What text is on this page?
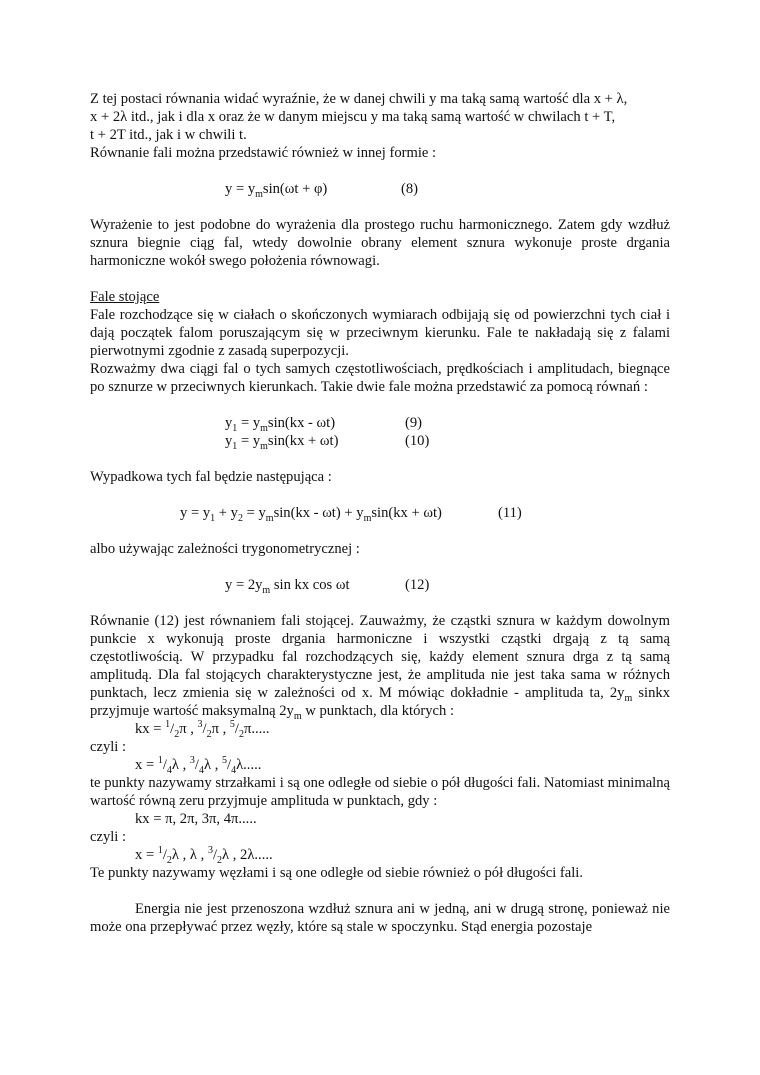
Z tej postaci równania widać wyraźnie, że w danej chwili y ma taką samą wartość dla x + λ,

x + 2λ itd., jak i dla x oraz że w danym miejscu y ma taką samą wartość w chwilach t + T,

t + 2T itd., jak i w chwili t.

Równanie fali można przedstawić również w innej formie :

$y = y_m\sin(\omega t + \varphi)$	(8)

Wyrażenie to jest podobne do wyrażenia dla prostego ruchu harmonicznego. Zatem gdy wzdłuż sznura biegnie ciąg fal, wtedy dowolnie obrany element sznura wykonuje proste drgania harmoniczne wokół swego położenia równowagi.

Fale stojące

Fale rozchodzące się w ciałach o skończonych wymiarach odbijają się od powierzchni tych ciał i dają początek falom poruszającym się w przeciwnym kierunku. Fale te nakładają się z falami pierwotnymi zgodnie z zasadą superpozycji.

Rozważmy dwa ciągi fal o tych samych częstotliwościach, prędkościach i amplitudach, biegnące po sznurze w przeciwnych kierunkach. Takie dwie fale można przedstawić za pomocą równań :

$y_1 = y_m\sin(kx - \omega t)$	(9)
$y_1 = y_m\sin(kx + \omega t)$	(10)

Wypadkowa tych fal będzie następująca :

$y = y_1 + y_2 = y_m\sin(kx - \omega t) + y_m\sin(kx + \omega t)$	(11)

albo używając zależności trygonometrycznej :

$y = 2y_m$ sin kx cos ωt	(12)

Równanie (12) jest równaniem fali stojącej. Zauważmy, że cząstki sznura w każdym dowolnym punkcie x wykonują proste drgania harmoniczne i wszystki cząstki drgają z tą samą częstotliwością. W przypadku fal rozchodzących się, każdy element sznura drga z tą samą amplitudą. Dla fal stojących charakterystyczne jest, że amplituda nie jest taka sama w różnych punktach, lecz zmienia się w zależności od x. M mówiąc dokładnie - amplituda ta, $2y_m$ sinkx przyjmuje wartość maksymalną $2y_m$ w punktach, dla których :

kx = $^1/_2\pi$ , $^3/_2\pi$ , $^5/_2\pi$.....

czyli :

$x = ^1/_4\lambda$ , $^3/_4\lambda$ , $^5/_4\lambda$.....

te punkty nazywamy strzałkami i są one odległe od siebie o pół długości fali. Natomiast minimalną wartość równą zeru przyjmuje amplituda w punktach, gdy :

kx = π, 2π, 3π, 4π.....

czyli :

$x = ^1/_2\lambda$ , λ , $^3/_2\lambda$ , 2λ.....

Te punkty nazywamy węzłami i są one odległe od siebie również o pół długości fali.

Energia nie jest przenoszona wzdłuż sznura ani w jedną, ani w drugą stronę, ponieważ nie może ona przepływać przez węzły, które są stale w spoczynku. Stąd energia pozostaje
